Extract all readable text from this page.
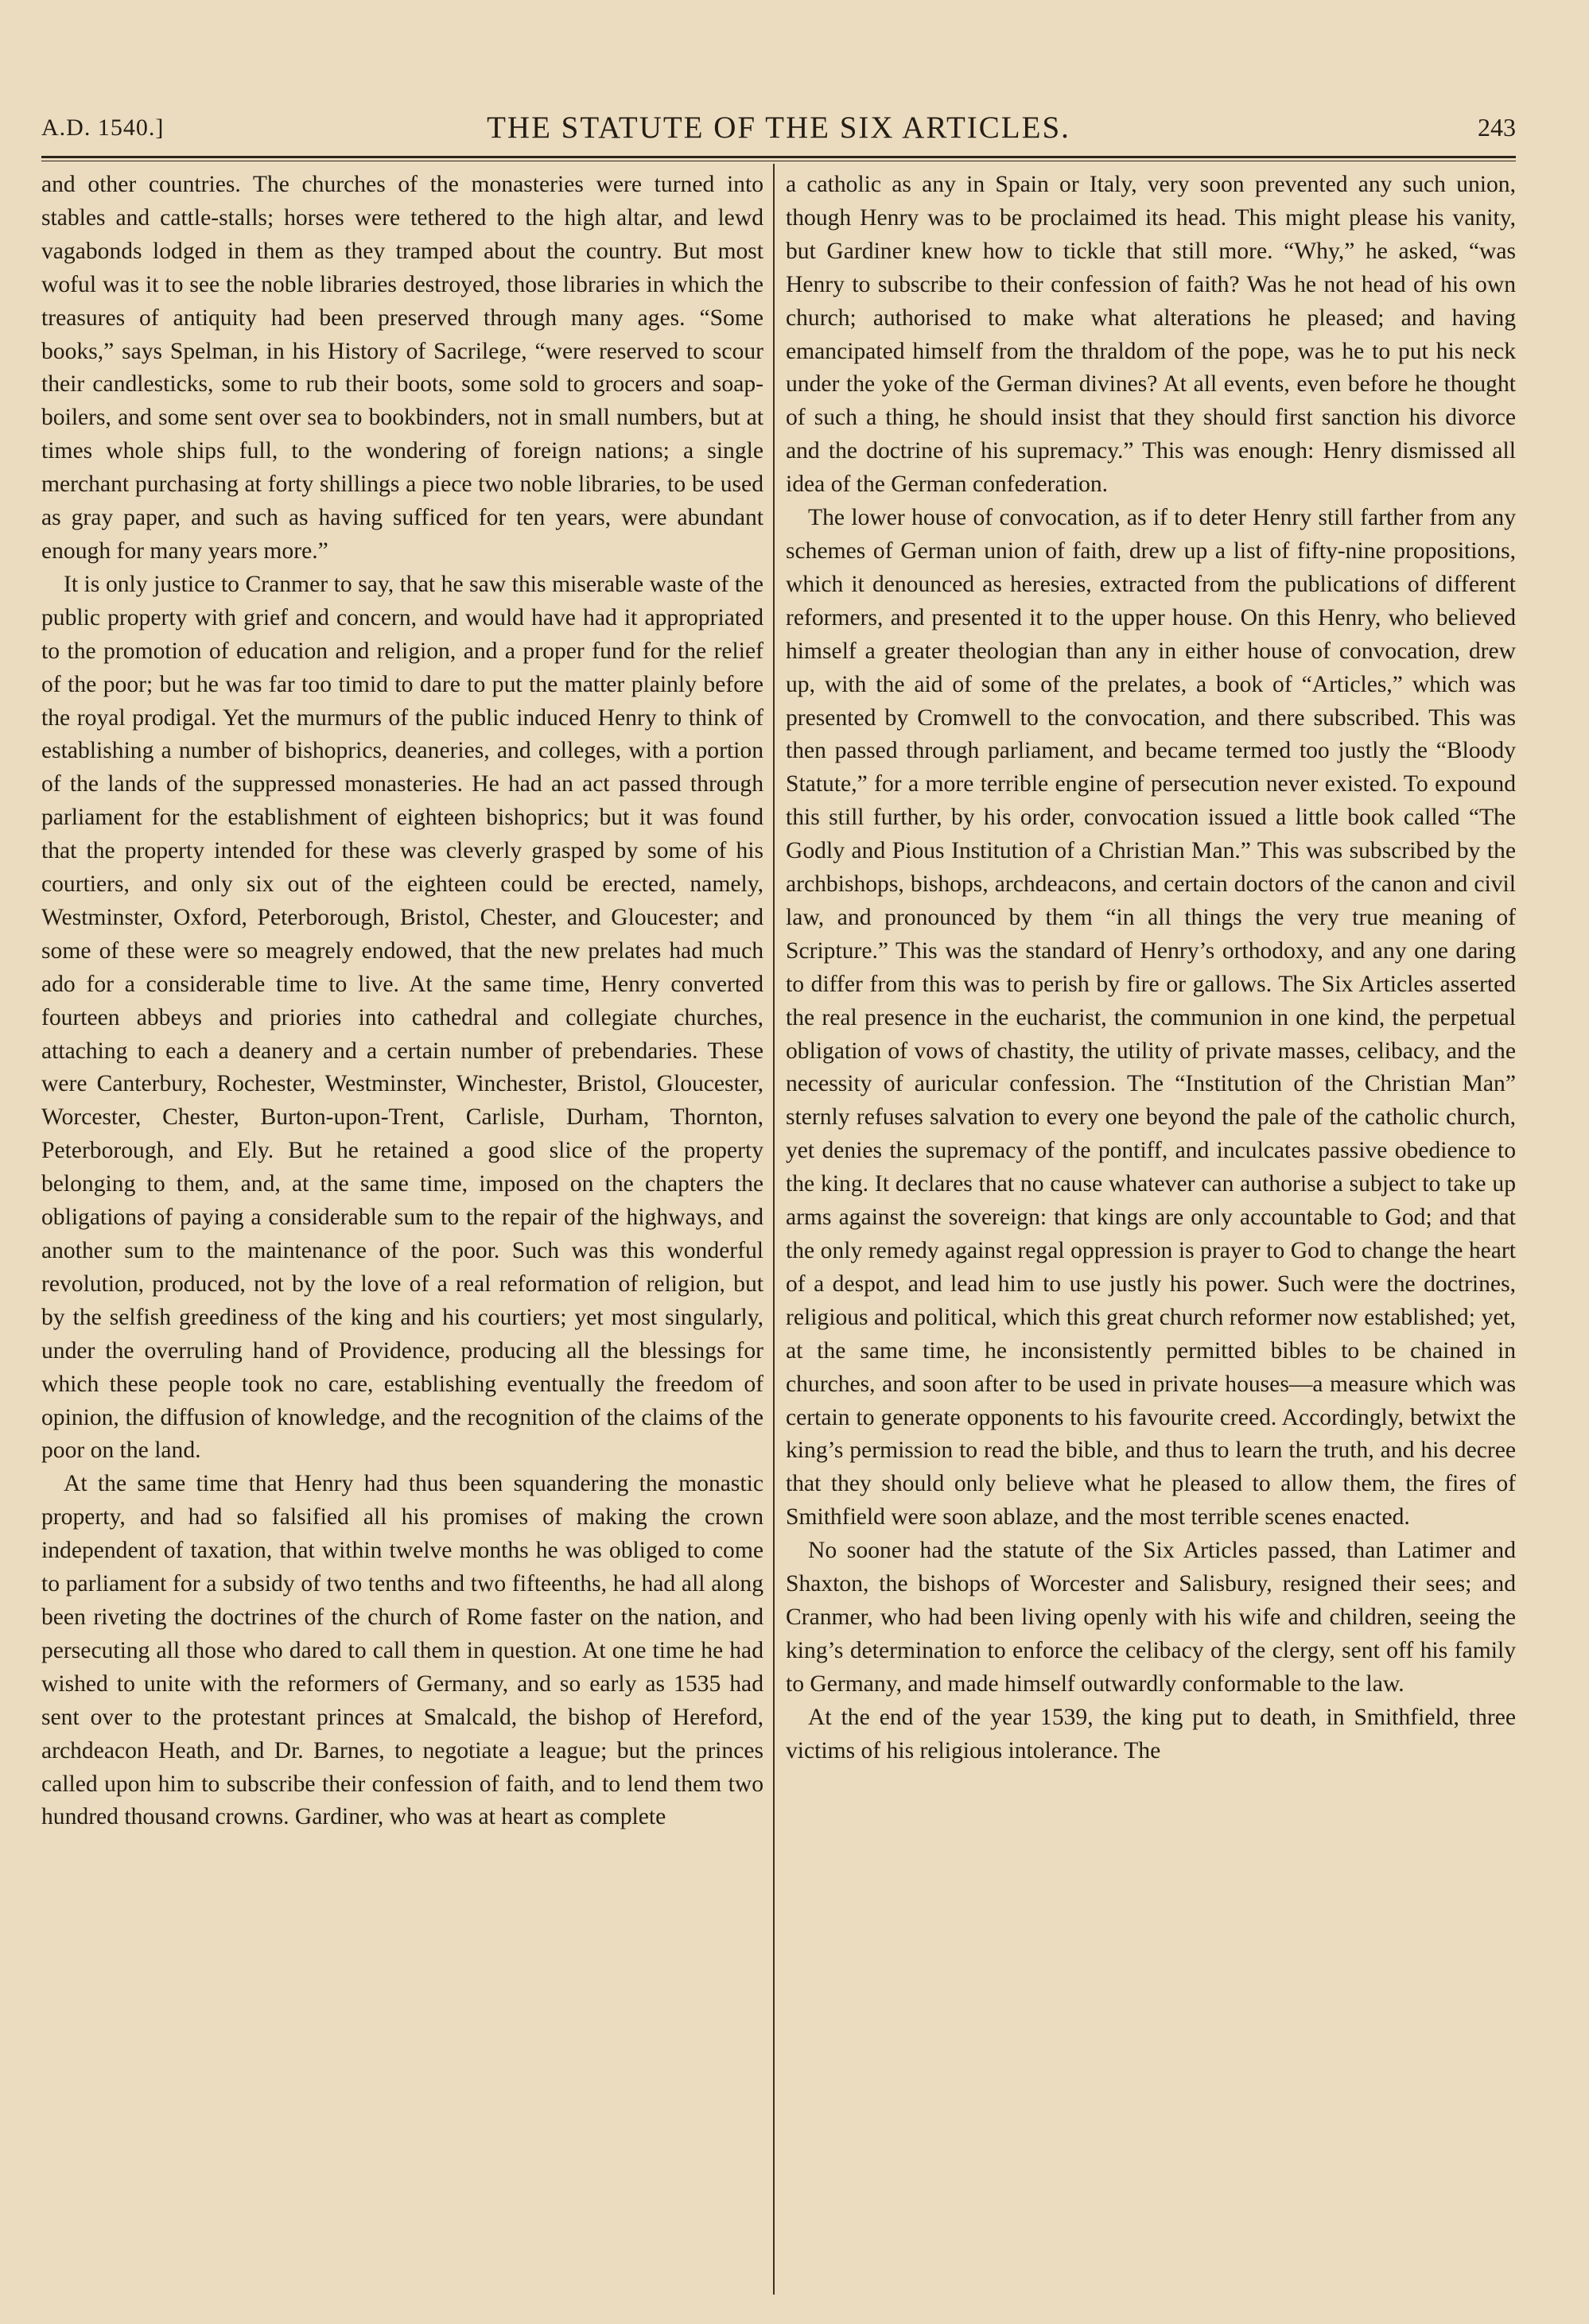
A.D. 1540.]	THE STATUTE OF THE SIX ARTICLES.	243

and other countries. The churches of the monasteries were turned into stables and cattle-stalls; horses were tethered to the high altar, and lewd vagabonds lodged in them as they tramped about the country. But most woful was it to see the noble libraries destroyed, those libraries in which the treasures of antiquity had been preserved through many ages. “Some books,” says Spelman, in his History of Sacrilege, “were reserved to scour their candlesticks, some to rub their boots, some sold to grocers and soap-boilers, and some sent over sea to bookbinders, not in small numbers, but at times whole ships full, to the wondering of foreign nations; a single merchant purchasing at forty shillings a piece two noble libraries, to be used as gray paper, and such as having sufficed for ten years, were abundant enough for many years more.”

It is only justice to Cranmer to say, that he saw this miserable waste of the public property with grief and concern, and would have had it appropriated to the promotion of education and religion, and a proper fund for the relief of the poor; but he was far too timid to dare to put the matter plainly before the royal prodigal. Yet the murmurs of the public induced Henry to think of establishing a number of bishoprics, deaneries, and colleges, with a portion of the lands of the suppressed monasteries. He had an act passed through parliament for the establishment of eighteen bishoprics; but it was found that the property intended for these was cleverly grasped by some of his courtiers, and only six out of the eighteen could be erected, namely, Westminster, Oxford, Peterborough, Bristol, Chester, and Gloucester; and some of these were so meagrely endowed, that the new prelates had much ado for a considerable time to live. At the same time, Henry converted fourteen abbeys and priories into cathedral and collegiate churches, attaching to each a deanery and a certain number of prebendaries. These were Canterbury, Rochester, Westminster, Winchester, Bristol, Gloucester, Worcester, Chester, Burton-upon-Trent, Carlisle, Durham, Thornton, Peterborough, and Ely. But he retained a good slice of the property belonging to them, and, at the same time, imposed on the chapters the obligations of paying a considerable sum to the repair of the highways, and another sum to the maintenance of the poor. Such was this wonderful revolution, produced, not by the love of a real reformation of religion, but by the selfish greediness of the king and his courtiers; yet most singularly, under the overruling hand of Providence, producing all the blessings for which these people took no care, establishing eventually the freedom of opinion, the diffusion of knowledge, and the recognition of the claims of the poor on the land.

At the same time that Henry had thus been squandering the monastic property, and had so falsified all his promises of making the crown independent of taxation, that within twelve months he was obliged to come to parliament for a subsidy of two tenths and two fifteenths, he had all along been riveting the doctrines of the church of Rome faster on the nation, and persecuting all those who dared to call them in question. At one time he had wished to unite with the reformers of Germany, and so early as 1535 had sent over to the protestant princes at Smalcald, the bishop of Hereford, archdeacon Heath, and Dr. Barnes, to negotiate a league; but the princes called upon him to subscribe their confession of faith, and to lend them two hundred thousand crowns. Gardiner, who was at heart as complete

a catholic as any in Spain or Italy, very soon prevented any such union, though Henry was to be proclaimed its head. This might please his vanity, but Gardiner knew how to tickle that still more. “Why,” he asked, “was Henry to subscribe to their confession of faith? Was he not head of his own church; authorised to make what alterations he pleased; and having emancipated himself from the thraldom of the pope, was he to put his neck under the yoke of the German divines? At all events, even before he thought of such a thing, he should insist that they should first sanction his divorce and the doctrine of his supremacy.” This was enough: Henry dismissed all idea of the German confederation.

The lower house of convocation, as if to deter Henry still farther from any schemes of German union of faith, drew up a list of fifty-nine propositions, which it denounced as heresies, extracted from the publications of different reformers, and presented it to the upper house. On this Henry, who believed himself a greater theologian than any in either house of convocation, drew up, with the aid of some of the prelates, a book of “Articles,” which was presented by Cromwell to the convocation, and there subscribed. This was then passed through parliament, and became termed too justly the “Bloody Statute,” for a more terrible engine of persecution never existed. To expound this still further, by his order, convocation issued a little book called “The Godly and Pious Institution of a Christian Man.” This was subscribed by the archbishops, bishops, archdeacons, and certain doctors of the canon and civil law, and pronounced by them “in all things the very true meaning of Scripture.” This was the standard of Henry’s orthodoxy, and any one daring to differ from this was to perish by fire or gallows. The Six Articles asserted the real presence in the eucharist, the communion in one kind, the perpetual obligation of vows of chastity, the utility of private masses, celibacy, and the necessity of auricular confession. The “Institution of the Christian Man” sternly refuses salvation to every one beyond the pale of the catholic church, yet denies the supremacy of the pontiff, and inculcates passive obedience to the king. It declares that no cause whatever can authorise a subject to take up arms against the sovereign: that kings are only accountable to God; and that the only remedy against regal oppression is prayer to God to change the heart of a despot, and lead him to use justly his power. Such were the doctrines, religious and political, which this great church reformer now established; yet, at the same time, he inconsistently permitted bibles to be chained in churches, and soon after to be used in private houses—a measure which was certain to generate opponents to his favourite creed. Accordingly, betwixt the king’s permission to read the bible, and thus to learn the truth, and his decree that they should only believe what he pleased to allow them, the fires of Smithfield were soon ablaze, and the most terrible scenes enacted.

No sooner had the statute of the Six Articles passed, than Latimer and Shaxton, the bishops of Worcester and Salisbury, resigned their sees; and Cranmer, who had been living openly with his wife and children, seeing the king’s determination to enforce the celibacy of the clergy, sent off his family to Germany, and made himself outwardly conformable to the law.

At the end of the year 1539, the king put to death, in Smithfield, three victims of his religious intolerance. The
